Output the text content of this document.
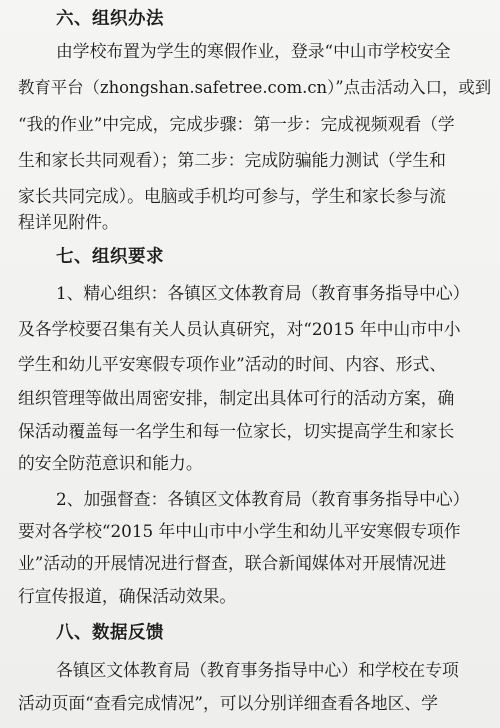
六、组织办法
由学校布置为学生的寒假作业，登录“中山市学校安全
教育平台（zhongshan.safetree.com.cn）”点击活动入口，或到
“我的作业”中完成，完成步骤：第一步：完成视频观看（学
生和家长共同观看）；第二步：完成防骗能力测试（学生和
家长共同完成）。电脑或手机均可参与，学生和家长参与流
程详见附件。
七、组织要求
1、精心组织：各镇区文体教育局（教育事务指导中心）
及各学校要召集有关人员认真研究，对“2015 年中山市中小
学生和幼儿平安寒假专项作业”活动的时间、内容、形式、
组织管理等做出周密安排，制定出具体可行的活动方案，确
保活动覆盖每一名学生和每一位家长，切实提高学生和家长
的安全防范意识和能力。
2、加强督查：各镇区文体教育局（教育事务指导中心）
要对各学校“2015 年中山市中小学生和幼儿平安寒假专项作
业”活动的开展情况进行督查，联合新闻媒体对开展情况进
行宣传报道，确保活动效果。
八、数据反馈
各镇区文体教育局（教育事务指导中心）和学校在专项
活动页面“查看完成情况”，可以分别详细查看各地区、学
